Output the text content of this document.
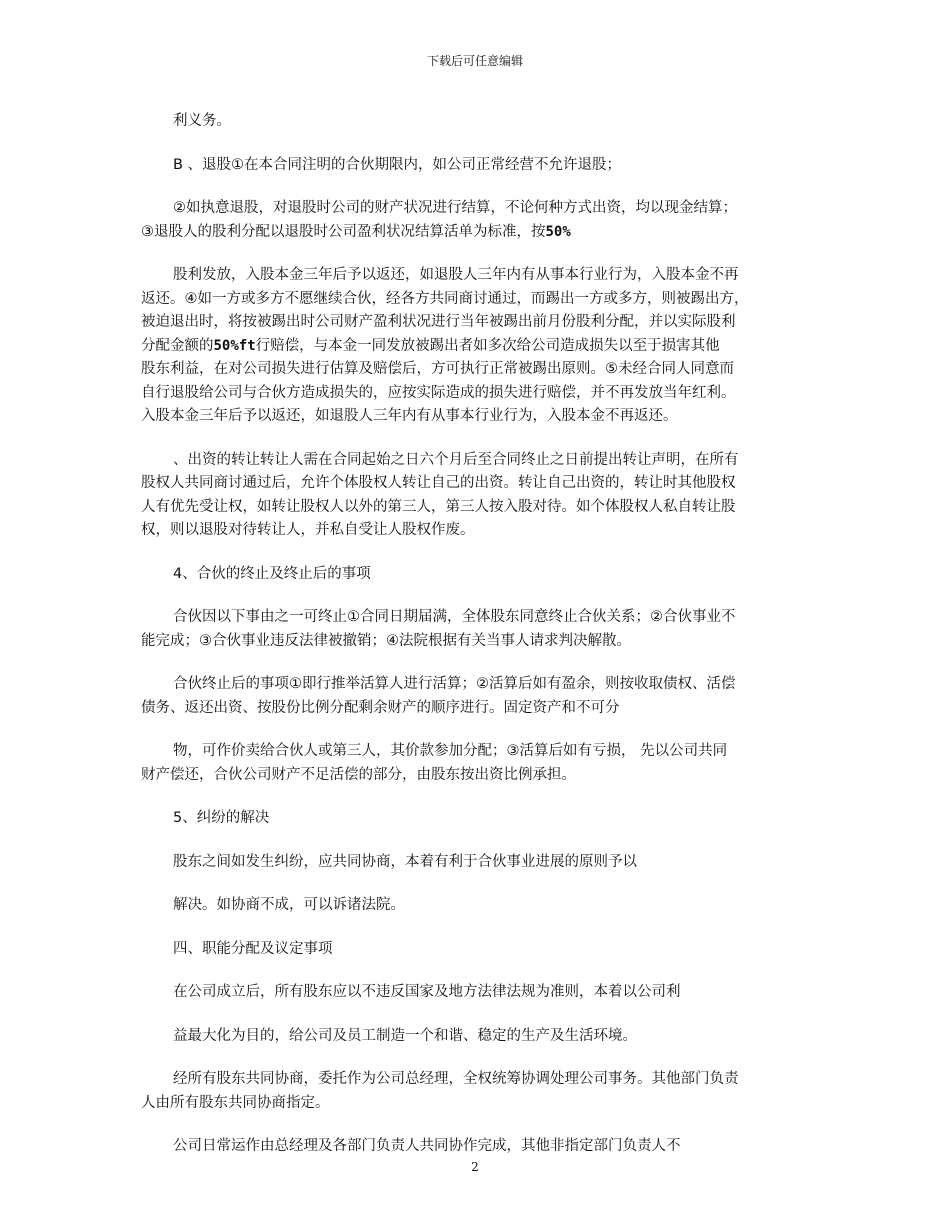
下载后可任意编辑
利义务。
B 、退股①在本合同注明的合伙期限内，如公司正常经营不允许退股；
②如执意退股，对退股时公司的财产状况进行结算，不论何种方式出资，均以现金结算；
③退股人的股利分配以退股时公司盈利状况结算活单为标准，按50%
股利发放，入股本金三年后予以返还，如退股人三年内有从事本行业行为，入股本金不再
返还。④如一方或多方不愿继续合伙，经各方共同商讨通过，而踢出一方或多方，则被踢出方，
被迫退出时，将按被踢出时公司财产盈利状况进行当年被踢出前月份股利分配，并以实际股利
分配金额的50%ft行赔偿，与本金一同发放被踢出者如多次给公司造成损失以至于损害其他
股东利益，在对公司损失进行估算及赔偿后，方可执行正常被踢出原则。⑤未经合同人同意而
自行退股给公司与合伙方造成损失的，应按实际造成的损失进行赔偿，并不再发放当年红利。
入股本金三年后予以返还，如退股人三年内有从事本行业行为，入股本金不再返还。
、出资的转让转让人需在合同起始之日六个月后至合同终止之日前提出转让声明，在所有
股权人共同商讨通过后，允许个体股权人转让自己的出资。转让自己出资的，转让时其他股权
人有优先受让权，如转让股权人以外的第三人，第三人按入股对待。如个体股权人私自转让股
权，则以退股对待转让人，并私自受让人股权作废。
4、合伙的终止及终止后的事项
合伙因以下事由之一可终止①合同日期届满，全体股东同意终止合伙关系；②合伙事业不
能完成；③合伙事业违反法律被撤销；④法院根据有关当事人请求判决解散。
合伙终止后的事项①即行推举活算人进行活算；②活算后如有盈余，则按收取债权、活偿
债务、返还出资、按股份比例分配剩余财产的顺序进行。固定资产和不可分
物，可作价卖给合伙人或第三人，其价款参加分配；③活算后如有亏损， 先以公司共同
财产偿还，合伙公司财产不足活偿的部分，由股东按出资比例承担。
5、纠纷的解决
股东之间如发生纠纷，应共同协商，本着有利于合伙事业进展的原则予以
解决。如协商不成，可以诉诸法院。
四、职能分配及议定事项
在公司成立后，所有股东应以不违反国家及地方法律法规为准则，本着以公司利
益最大化为目的，给公司及员工制造一个和谐、稳定的生产及生活环境。
经所有股东共同协商，委托作为公司总经理，全权统筹协调处理公司事务。其他部门负责
人由所有股东共同协商指定。
公司日常运作由总经理及各部门负责人共同协作完成，其他非指定部门负责人不
2
